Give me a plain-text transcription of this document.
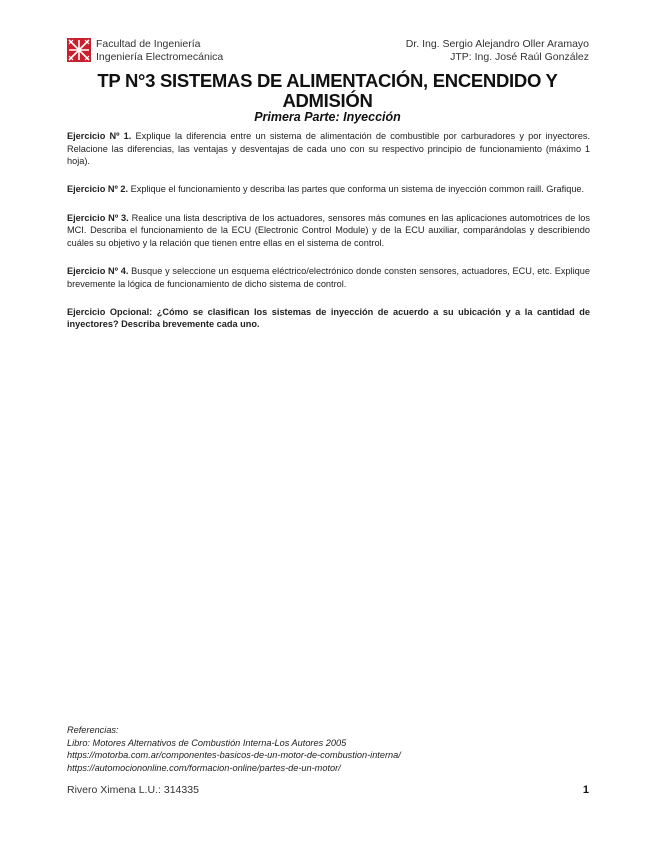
Facultad de Ingeniería
Ingeniería Electromecánica
Dr. Ing. Sergio Alejandro Oller Aramayo
JTP: Ing. José Raúl González
TP N°3 SISTEMAS DE ALIMENTACIÓN, ENCENDIDO Y ADMISIÓN
Primera Parte: Inyección

Ejercicio Nº 1. Explique la diferencia entre un sistema de alimentación de combustible por carburadores y por inyectores. Relacione las diferencias, las ventajas y desventajas de cada uno con su respectivo principio de funcionamiento (máximo 1 hoja).

Ejercicio Nº 2. Explique el funcionamiento y describa las partes que conforma un sistema de inyección common raill. Grafique.

Ejercicio Nº 3. Realice una lista descriptiva de los actuadores, sensores más comunes en las aplicaciones automotrices de los MCI. Describa el funcionamiento de la ECU (Electronic Control Module) y de la ECU auxiliar, comparándolas y describiendo cuáles su objetivo y la relación que tienen entre ellas en el sistema de control.

Ejercicio Nº 4. Busque y seleccione un esquema eléctrico/electrónico donde consten sensores, actuadores, ECU, etc. Explique brevemente la lógica de funcionamiento de dicho sistema de control.

Ejercicio Opcional: ¿Cómo se clasifican los sistemas de inyección de acuerdo a su ubicación y a la cantidad de inyectores? Describa brevemente cada uno.

Referencias:
Libro: Motores Alternativos de Combustión Interna-Los Autores 2005
https://motorba.com.ar/componentes-basicos-de-un-motor-de-combustion-interna/
https://automociononline.com/formacion-online/partes-de-un-motor/
Rivero Ximena L.U.: 314335	1
